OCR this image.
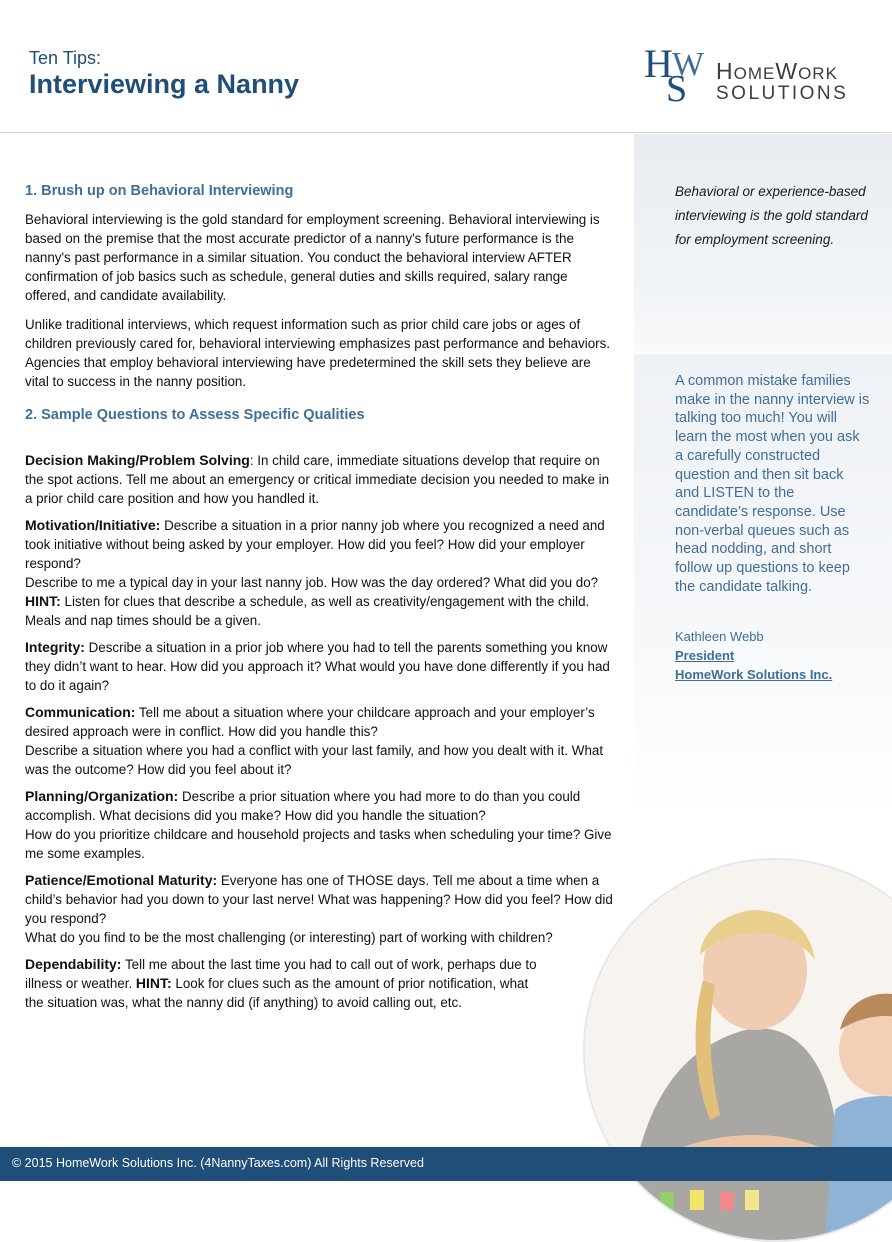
Ten Tips:
Interviewing a Nanny	H
S
W HOMEWORK
SOLUTIONS
Behavioral or experience-based interviewing is the gold standard for employment screening.
A common mistake families make in the nanny interview is talking too much! You will learn the most when you ask a carefully constructed question and then sit back and LISTEN to the candidate’s response. Use non-verbal queues such as head nodding, and short follow up questions to keep the candidate talking.
Kathleen Webb
President
HomeWork Solutions Inc.
1. Brush up on Behavioral Interviewing

Behavioral interviewing is the gold standard for employment screening. Behavioral interviewing is based on the premise that the most accurate predictor of a nanny's future performance is the nanny's past performance in a similar situation. You conduct the behavioral interview AFTER confirmation of job basics such as schedule, general duties and skills required, salary range offered, and candidate availability.

Unlike traditional interviews, which request information such as prior child care jobs or ages of children previously cared for, behavioral interviewing emphasizes past performance and behaviors. Agencies that employ behavioral interviewing have predetermined the skill sets they believe are vital to success in the nanny position.

2. Sample Questions to Assess Specific Qualities

Decision Making/Problem Solving: In child care, immediate situations develop that require on the spot actions. Tell me about an emergency or critical immediate decision you needed to make in a prior child care position and how you handled it.

Motivation/Initiative: Describe a situation in a prior nanny job where you recognized a need and took initiative without being asked by your employer. How did you feel? How did your employer respond?
Describe to me a typical day in your last nanny job. How was the day ordered? What did you do? HINT: Listen for clues that describe a schedule, as well as creativity/engagement with the child. Meals and nap times should be a given.

Integrity: Describe a situation in a prior job where you had to tell the parents something you know they didn’t want to hear. How did you approach it? What would you have done differently if you had to do it again?

Communication: Tell me about a situation where your childcare approach and your employer’s desired approach were in conflict. How did you handle this?
Describe a situation where you had a conflict with your last family, and how you dealt with it. What was the outcome? How did you feel about it?

Planning/Organization: Describe a prior situation where you had more to do than you could accomplish. What decisions did you make? How did you handle the situation?
How do you prioritize childcare and household projects and tasks when scheduling your time? Give me some examples.

Patience/Emotional Maturity: Everyone has one of THOSE days. Tell me about a time when a child’s behavior had you down to your last nerve! What was happening? How did you feel? How did you respond?
What do you find to be the most challenging (or interesting) part of working with children?

Dependability: Tell me about the last time you had to call out of work, perhaps due to
illness or weather. HINT: Look for clues such as the amount of prior notification, what
the situation was, what the nanny did (if anything) to avoid calling out, etc.

© 2015 HomeWork Solutions Inc. (4NannyTaxes.com) All Rights Reserved
